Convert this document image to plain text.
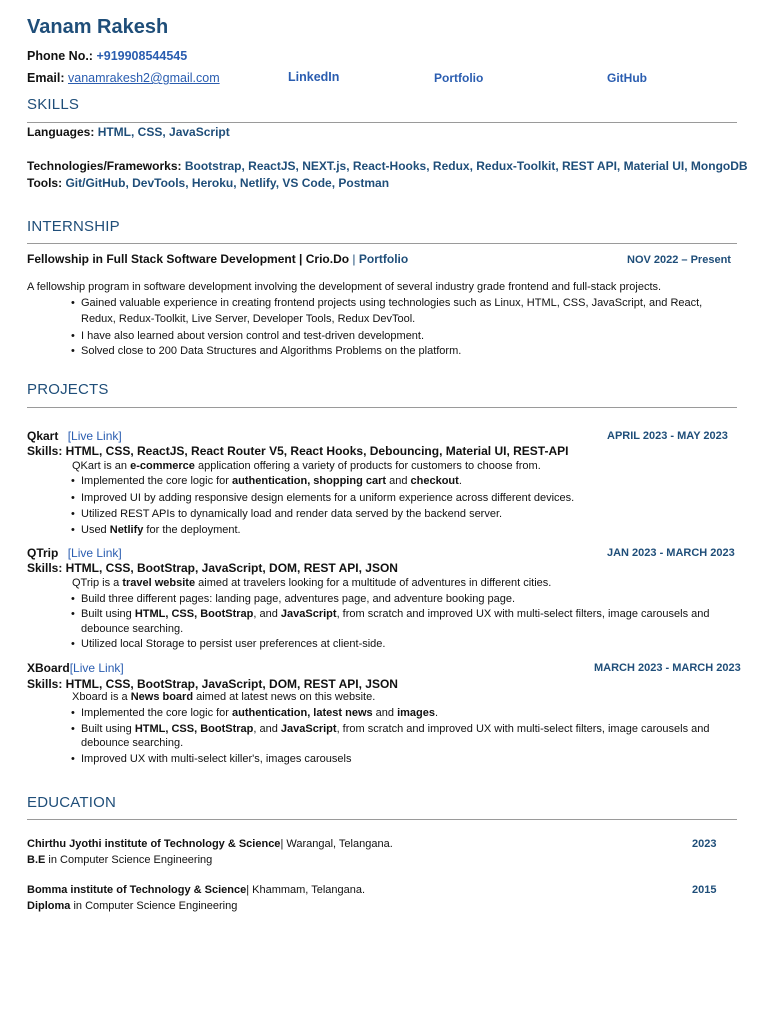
Vanam Rakesh
Phone No.: +919908544545
Email: vanamrakesh2@gmail.com	LinkedIn	Portfolio	GitHub
SKILLS
Languages: HTML, CSS, JavaScript
Technologies/Frameworks: Bootstrap, ReactJS, NEXT.js, React-Hooks, Redux, Redux-Toolkit, REST API, Material UI, MongoDB
Tools: Git/GitHub, DevTools, Heroku, Netlify, VS Code, Postman
INTERNSHIP
Fellowship in Full Stack Software Development | Crio.Do | Portfolio	NOV 2022 – Present
A fellowship program in software development involving the development of several industry grade frontend and full-stack projects.
• Gained valuable experience in creating frontend projects using technologies such as Linux, HTML, CSS, JavaScript, and React,
Redux, Redux-Toolkit, Live Server, Developer Tools, Redux DevTool.
• I have also learned about version control and test-driven development.
• Solved close to 200 Data Structures and Algorithms Problems on the platform.
PROJECTS
Qkart [Live Link]	APRIL 2023 - MAY 2023
Skills: HTML, CSS, ReactJS, React Router V5, React Hooks, Debouncing, Material UI, REST-API
QKart is an e-commerce application offering a variety of products for customers to choose from.
• Implemented the core logic for authentication, shopping cart and checkout.
• Improved UI by adding responsive design elements for a uniform experience across different devices.
• Utilized REST APIs to dynamically load and render data served by the backend server.
• Used Netlify for the deployment.
QTrip [Live Link]	JAN 2023 - MARCH 2023
Skills: HTML, CSS, BootStrap, JavaScript, DOM, REST API, JSON
QTrip is a travel website aimed at travelers looking for a multitude of adventures in different cities.
• Build three different pages: landing page, adventures page, and adventure booking page.
• Built using HTML, CSS, BootStrap, and JavaScript, from scratch and improved UX with multi-select filters, image carousels and
debounce searching.
• Utilized local Storage to persist user preferences at client-side.
XBoard[Live Link]	MARCH 2023 - MARCH 2023
Skills: HTML, CSS, BootStrap, JavaScript, DOM, REST API, JSON
Xboard is a News board aimed at latest news on this website.
• Implemented the core logic for authentication, latest news and images.
• Built using HTML, CSS, BootStrap, and JavaScript, from scratch and improved UX with multi-select filters, image carousels and
debounce searching.
• Improved UX with multi-select killer's, images carousels
EDUCATION
Chirthu Jyothi institute of Technology & Science| Warangal, Telangana.	2023
B.E in Computer Science Engineering
Bomma institute of Technology & Science| Khammam, Telangana.	2015
Diploma in Computer Science Engineering
